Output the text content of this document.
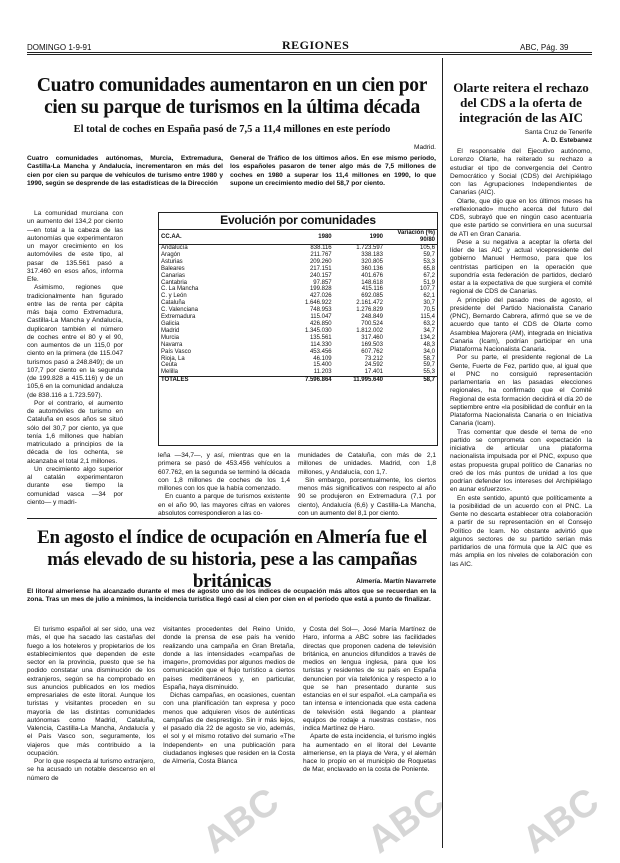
DOMINGO 1-9-91	REGIONES	ABC, Pág. 39
Cuatro comunidades aumentaron en un cien por cien su parque de turismos en la última década
El total de coches en España pasó de 7,5 a 11,4 millones en este período
Madrid.
Cuatro comunidades autónomas, Murcia, Extremadura, Castilla-La Mancha y Andalucía, incrementaron en más del cien por cien su parque de vehículos de turismo entre 1980 y 1990, según se desprende de las estadísticas de la Dirección
General de Tráfico de los últimos años. En ese mismo período, los españoles pasaron de tener algo más de 7,5 millones de coches en 1980 a superar los 11,4 millones en 1990, lo que supone un crecimiento medio del 58,7 por ciento.

La comunidad murciana con un aumento del 134,2 por ciento —en total a la cabeza de las autonomías que experimentaron un mayor crecimiento en los automóviles de este tipo, al pasar de 135.561 pasó a 317.460 en esos años, informa Efe.

Asimismo, regiones que tradicionalmente han figurado entre las de renta per cápita más baja como Extremadura, Castilla-La Mancha y Andalucía, duplicaron también el número de coches entre el 80 y el 90, con aumentos de un 115,0 por ciento en la primera (de 115.047 turismos pasó a 248.849); de un 107,7 por ciento en la segunda (de 199.828 a 415.116) y de un 105,6 en la comunidad andaluza (de 838.116 a 1.723.597).

Por el contrario, el aumento de automóviles de turismo en Cataluña en esos años se situó sólo del 30,7 por ciento, ya que tenía 1,6 millones que habían matriculado a principios de la década de los ochenta, se alcanzaba el total 2,1 millones.

Un crecimiento algo superior al catalán experimentaron durante ese tiempo la comunidad vasca —34 por ciento— y madri-

Evolución por comunidades
CC.AA.	1980	1990	Variación (%) 90/80
Andalucía	838.116	1.723.597	105,6
Aragón	211.767	338.183	59,7
Asturias	209.260	320.805	53,3
Baleares	217.151	360.136	65,8
Canarias	240.157	401.676	67,2
Cantabria	97.857	148.618	51,9
C. La Mancha	199.828	415.116	107,7
C. y León	427.026	692.085	62,1
Cataluña	1.646.922	2.161.472	30,7
C. Valenciana	748.953	1.276.829	70,5
Extremadura	115.047	248.849	115,4
Galicia	426.850	700.524	63,2
Madrid	1.345.030	1.812.002	34,7
Murcia	135.561	317.460	134,2
Navarra	114.330	169.503	48,3
País Vasco	453.456	607.762	34,0
Rioja, La	46.109	73.212	58,7
Ceuta	15.400	24.592	59,7
Melilla	11.203	17.401	55,3
TOTALES	7.596.864	11.995.640	58,7

leña —34,7—, y así, mientras que en la primera se pasó de 453.456 vehículos a 607.762, en la segunda se terminó la década con 1,8 millones de coches de los 1,4 millones con los que la había comenzado.

En cuanto a parque de turismos existente en el año 90, las mayores cifras en valores absolutos correspondieron a las co-

munidades de Cataluña, con más de 2,1 millones de unidades. Madrid, con 1,8 millones, y Andalucía, con 1,7.

Sin embargo, porcentualmente, los ciertos menos más significativos con respecto al año 90 se produjeron en Extremadura (7,1 por ciento), Andalucía (6,6) y Castilla-La Mancha, con un aumento del 8,1 por ciento.

En agosto el índice de ocupación en Almería fue el más elevado de su historia, pese a las campañas británicas	Almería. Martín Navarrete
El litoral almeriense ha alcanzado durante el mes de agosto uno de los índices de ocupación más altos que se recuerdan en la zona. Tras un mes de julio a mínimos, la incidencia turística llegó casi al cien por cien en el período que está a punto de finalizar.

El turismo español al ser sido, una vez más, el que ha sacado las castañas del fuego a los hoteleros y propietarios de los establecimientos que dependen de este sector en la provincia, puesto que se ha podido constatar una disminución de los extranjeros, según se ha comprobado en sus anuncios publicados en los medios empresariales de este litoral. Aunque los turistas y visitantes proceden en su mayoría de las distintas comunidades autónomas como Madrid, Cataluña, Valencia, Castilla-La Mancha, Andalucía y el País Vasco son, seguramente, los viajeros que más contribuido a la ocupación.

Por lo que respecta al turismo extranjero, se ha acusado un notable descenso en el número de

visitantes procedentes del Reino Unido, donde la prensa de ese país ha venido realizando una campaña en Gran Bretaña, donde a las intensidades «campañas de imagen», promovidas por algunos medios de comunicación que el flujo turístico a ciertos países mediterráneos y, en particular, España, haya disminuido.

Dichas campañas, en ocasiones, cuentan con una planificación tan expresa y poco menos que adquieren visos de auténticas campañas de desprestigio. Sin ir más lejos, el pasado día 22 de agosto se vio, además, el sol y el mismo rotativo del sumario «The Independent» en una publicación para ciudadanos ingleses que residen en la Costa de Almería, Costa Blanca

y Costa del Sol—, José María Martínez de Haro, informa a ABC sobre las facilidades directas que proponen cadena de televisión británica, en anuncios difundidos a través de medios en lengua inglesa, para que los turistas y residentes de su país en España denuncien por vía telefónica y respecto a lo que se han presentado durante sus estancias en el sur español. «La campaña es tan intensa e intencionada que esta cadena de televisión está llegando a plantear equipos de rodaje a nuestras costas», nos indica Martínez de Haro.

Aparte de esta incidencia, el turismo inglés ha aumentado en el litoral del Levante almeriense, en la playa de Vera, y el alemán hace lo propio en el municipio de Roquetas de Mar, enclavado en la costa de Poniente.

Olarte reitera el rechazo del CDS a la oferta de integración de las AIC
Santa Cruz de Tenerife
A. D. Estebanez

El responsable del Ejecutivo autónomo, Lorenzo Olarte, ha reiterado su rechazo a estudiar el tipo de convergencia del Centro Democrático y Social (CDS) del Archipiélago con las Agrupaciones Independientes de Canarias (AIC).

Olarte, que dijo que en los últimos meses ha «reflexionado» mucho acerca del futuro del CDS, subrayó que en ningún caso acentuaría que este partido se convirtiera en una sucursal de ATI en Gran Canaria.

Pese a su negativa a aceptar la oferta del líder de las AIC y actual vicepresidente del gobierno Manuel Hermoso, para que los centristas participen en la operación que supondría esta federación de partidos, declaró estar a la expectativa de que surgiera el comité regional de CDS de Canarias.

A principio del pasado mes de agosto, el presidente del Partido Nacionalista Canario (PNC), Bernardo Cabrera, afirmó que se ve de acuerdo que tanto el CDS de Olarte como Asamblea Majorera (AM), integrada en Iniciativa Canaria (Icam), podrían participar en una Plataforma Nacionalista Canaria.

Por su parte, el presidente regional de La Gente, Fuerte de Fez, partido que, al igual que el PNC no consiguió representación parlamentaria en las pasadas elecciones regionales, ha confirmado que el Comité Regional de esta formación decidirá el día 20 de septiembre entre «la posibilidad de confluir en la Plataforma Nacionalista Canaria o en Iniciativa Canaria (Icam).

Tras comentar que desde el tema de «no partido se comprometa con expectación la iniciativa de articular una plataforma nacionalista impulsada por el PNC, expuso que estas propuesta grupal político de Canarias no creó de los más puntos de unidad a los que podrían defender los intereses del Archipiélago en aunar esfuerzos».

En este sentido, apuntó que políticamente a la posibilidad de un acuerdo con el PNC. La Gente no descarta establecer otra colaboración a partir de su representación en el Consejo Político de Icam. No obstante advirtió que algunos sectores de su partido serían más partidarios de una fórmula que la AIC que es más amplia en los niveles de colaboración con las AIC.

ABC ABC ABC
